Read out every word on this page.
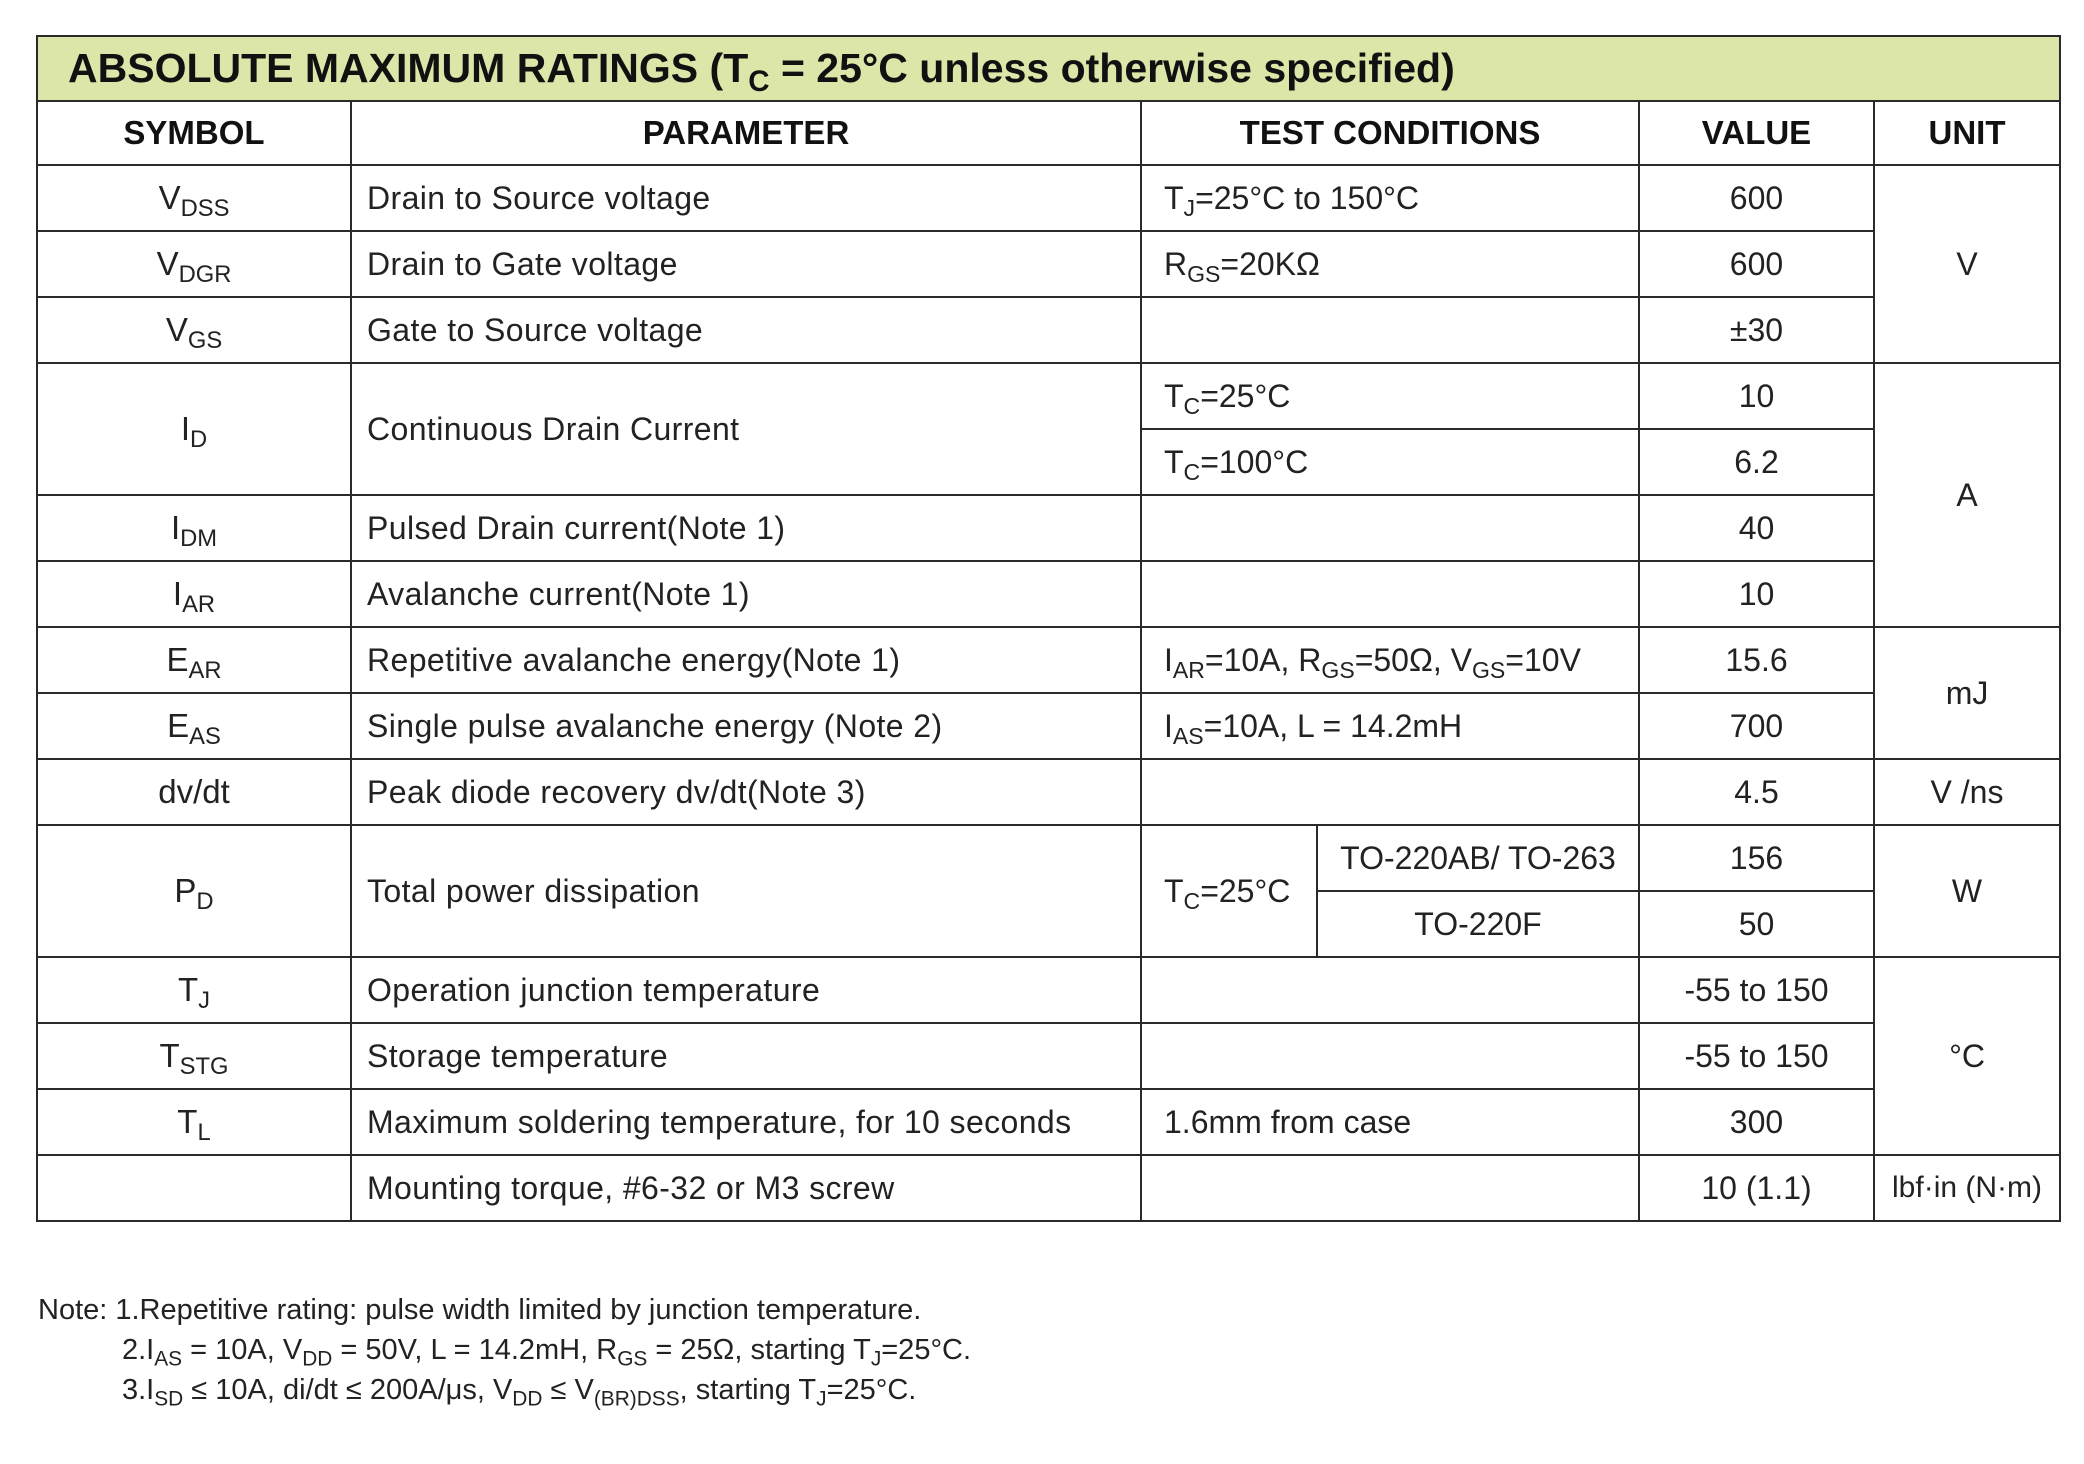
ABSOLUTE MAXIMUM RATINGS ($T_C = 25^\circ C$ unless otherwise specified)					
SYMBOL	PARAMETER	TEST CONDITIONS		VALUE	UNIT
$V_{DSS}$	Drain to Source voltage	$T_J=25^\circ C$ to 150°C		600	V
$V_{DGR}$	Drain to Gate voltage	$R_{GS}=20K\Omega$		600	
$V_{GS}$	Gate to Source voltage			±30	
$I_D$	Continuous Drain Current	$T_C=25^\circ C$		10	A
		$T_C=100^\circ C$		6.2	
$I_{DM}$	Pulsed Drain current(Note 1)			40	
$I_{AR}$	Avalanche current(Note 1)			10	
$E_{AR}$	Repetitive avalanche energy(Note 1)	$I_{AR}=10A$, $R_{GS}=50\Omega$, $V_{GS}=10V$		15.6	mJ
$E_{AS}$	Single pulse avalanche energy (Note 2)	$I_{AS}=10A$, L = 14.2mH		700	
dv/dt	Peak diode recovery dv/dt(Note 3)			4.5	V /ns
$P_D$	Total power dissipation	$T_C=25^\circ C$	TO-220AB/ TO-263	156	W
			TO-220F	50	
$T_J$	Operation junction temperature			-55 to 150	°C
$T_{STG}$	Storage temperature			-55 to 150	
$T_L$	Maximum soldering temperature, for 10 seconds	1.6mm from case		300	
	Mounting torque, #6-32 or M3 screw			10 (1.1)	lbf·in (N·m)
Note: 1.Repetitive rating: pulse width limited by junction temperature.
$2.I_{AS} = 10A$, $V_{DD} = 50V$, L = 14.2mH, $R_{GS} = 25\Omega$, starting $T_J=25^\circ C$.
$3.I_{SD} \le 10A$, di/dt ≤ 200A/μs, $V_{DD} \le V_{(BR)DSS}$, starting $T_J=25^\circ C$.
